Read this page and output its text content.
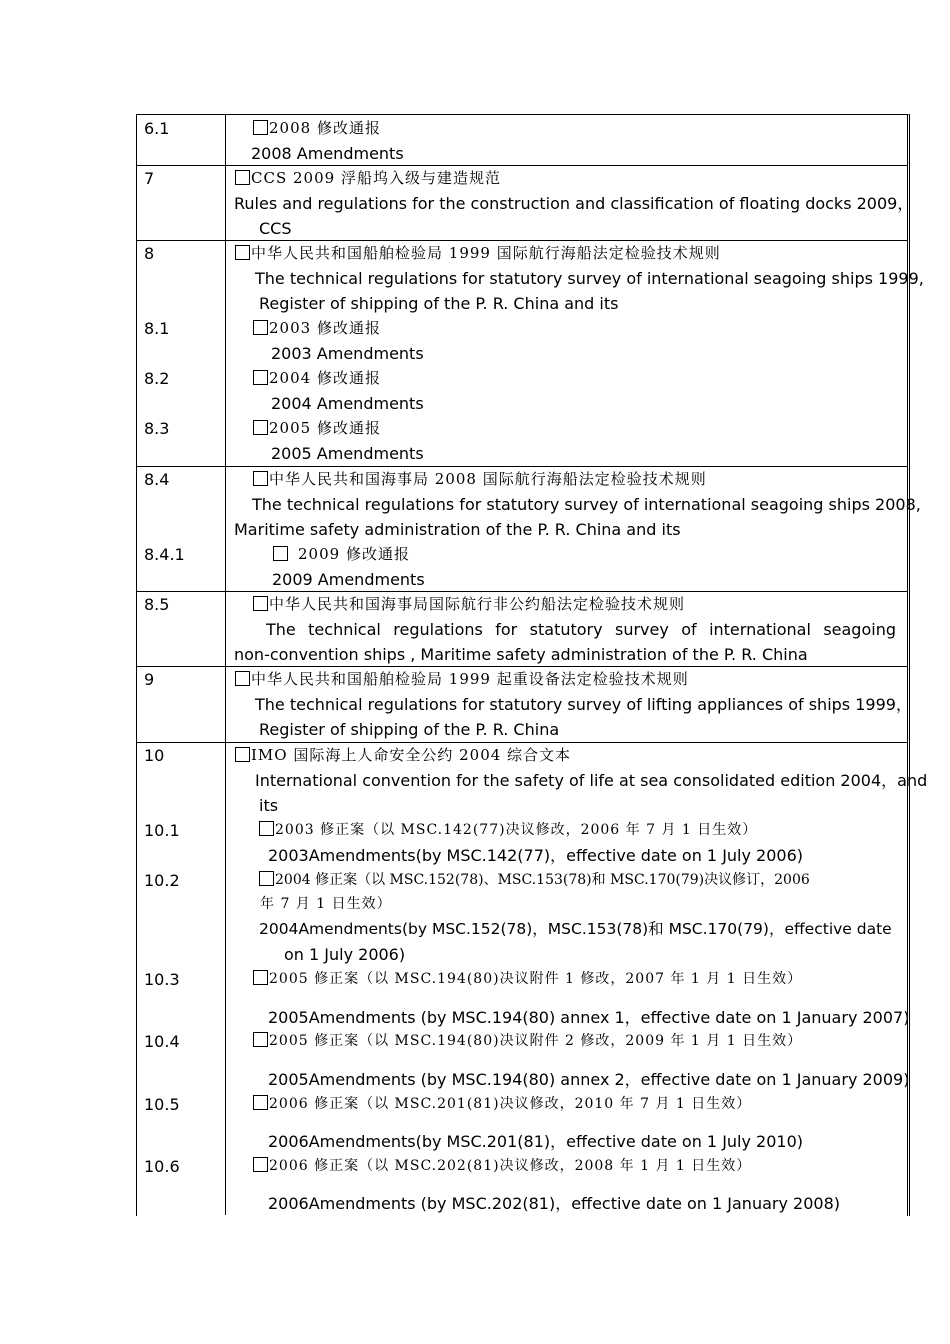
6.1	2008 修改通报
2008 Amendments
7	CCS 2009 浮船坞入级与建造规范
Rules and regulations for the construction and classification of floating docks 2009，
CCS
8	中华人民共和国船舶检验局 1999 国际航行海船法定检验技术规则
The technical regulations for statutory survey of international seagoing ships 1999,
Register of shipping of the P. R. China and its
8.1	2003 修改通报
2003 Amendments
8.2	2004 修改通报
2004 Amendments
8.3	2005 修改通报
2005 Amendments
8.4	中华人民共和国海事局 2008 国际航行海船法定检验技术规则
The technical regulations for statutory survey of international seagoing ships 2008,
Maritime safety administration of the P. R. China and its
8.4.1	2009 修改通报
2009 Amendments
8.5	中华人民共和国海事局国际航行非公约船法定检验技术规则
The technical regulations for statutory survey of international seagoing
non-convention ships , Maritime safety administration of the P. R. China
9	中华人民共和国船舶检验局 1999 起重设备法定检验技术规则
The technical regulations for statutory survey of lifting appliances of ships 1999，
Register of shipping of the P. R. China
10	IMO 国际海上人命安全公约 2004 综合文本
International convention for the safety of life at sea consolidated edition 2004，and
its
10.1	2003 修正案（以 MSC.142(77)决议修改，2006 年 7 月 1 日生效）
2003Amendments(by MSC.142(77)，effective date on 1 July 2006)
10.2	2004 修正案（以 MSC.152(78)、MSC.153(78)和 MSC.170(79)决议修订，2006
年 7 月 1 日生效）
2004Amendments(by MSC.152(78)，MSC.153(78)和 MSC.170(79)，effective date
on 1 July 2006)
10.3	2005 修正案（以 MSC.194(80)决议附件 1 修改，2007 年 1 月 1 日生效）
2005Amendments (by MSC.194(80) annex 1，effective date on 1 January 2007)
10.4	2005 修正案（以 MSC.194(80)决议附件 2 修改，2009 年 1 月 1 日生效）
2005Amendments (by MSC.194(80) annex 2，effective date on 1 January 2009)
10.5	2006 修正案（以 MSC.201(81)决议修改，2010 年 7 月 1 日生效）
2006Amendments(by MSC.201(81)，effective date on 1 July 2010)
10.6	2006 修正案（以 MSC.202(81)决议修改，2008 年 1 月 1 日生效）
2006Amendments (by MSC.202(81)，effective date on 1 January 2008)
